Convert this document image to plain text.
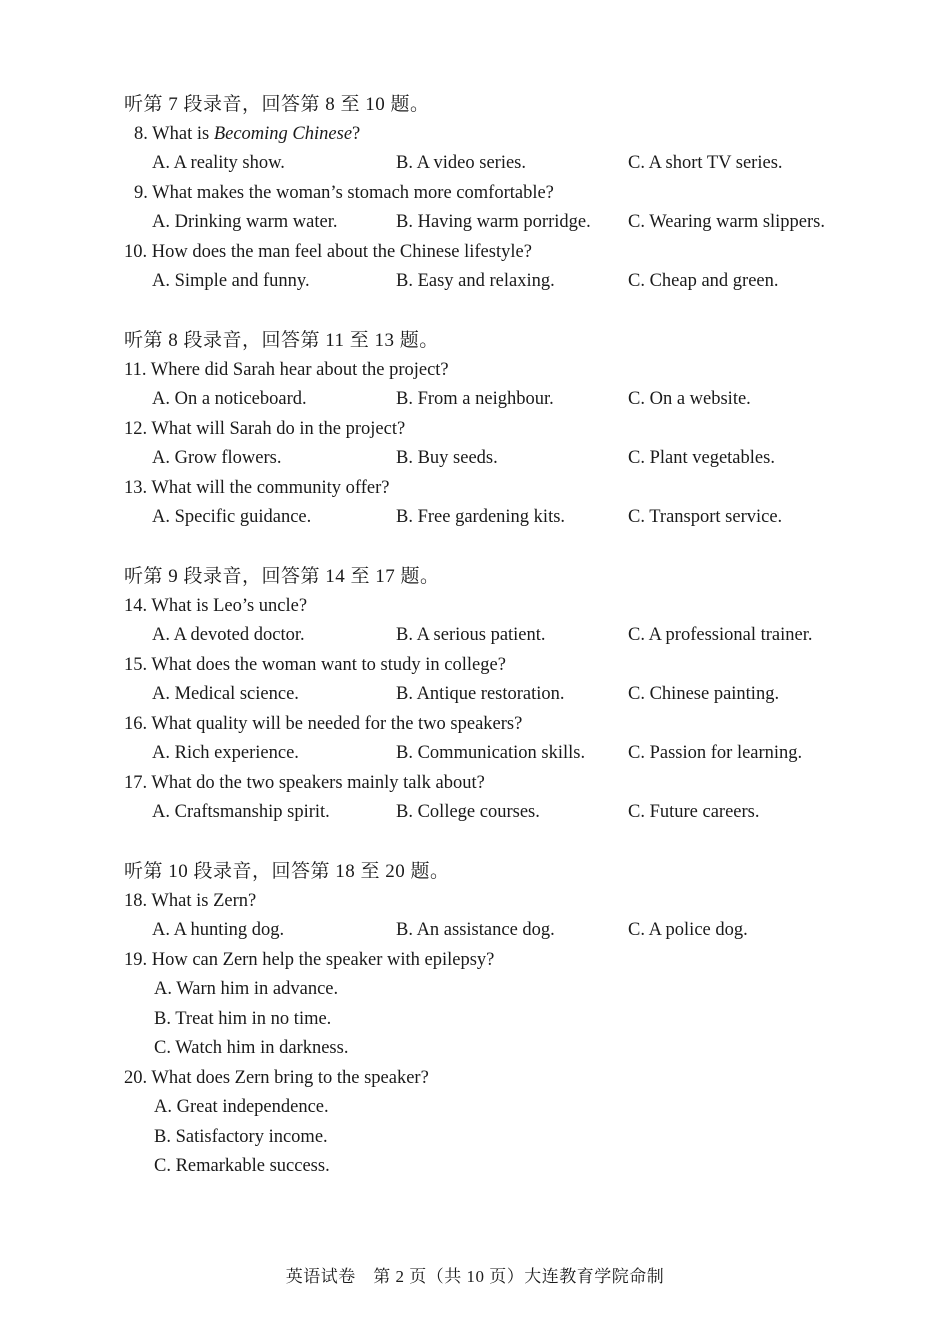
听第 7 段录音，回答第 8 至 10 题。
8. What is Becoming Chinese?
A. A reality show.	B. A video series.	C. A short TV series.
9. What makes the woman’s stomach more comfortable?
A. Drinking warm water.	B. Having warm porridge. C. Wearing warm slippers.
10. How does the man feel about the Chinese lifestyle?
A. Simple and funny.	B. Easy and relaxing.	C. Cheap and green.
听第 8 段录音，回答第 11 至 13 题。
11. Where did Sarah hear about the project?
A. On a noticeboard.	B. From a neighbour.	C. On a website.
12. What will Sarah do in the project?
A. Grow flowers.	B. Buy seeds.	C. Plant vegetables.
13. What will the community offer?
A. Specific guidance.	B. Free gardening kits.	C. Transport service.
听第 9 段录音，回答第 14 至 17 题。
14. What is Leo’s uncle?
A. A devoted doctor.	B. A serious patient.	C. A professional trainer.
15. What does the woman want to study in college?
A. Medical science.	B. Antique restoration.	C. Chinese painting.
16. What quality will be needed for the two speakers?
A. Rich experience.	B. Communication skills. C. Passion for learning.
17. What do the two speakers mainly talk about?
A. Craftsmanship spirit.	B. College courses.	C. Future careers.
听第 10 段录音，回答第 18 至 20 题。
18. What is Zern?
A. A hunting dog.	B. An assistance dog.	C. A police dog.
19. How can Zern help the speaker with epilepsy?
A. Warn him in advance.
B. Treat him in no time.
C. Watch him in darkness.
20. What does Zern bring to the speaker?
A. Great independence.
B. Satisfactory income.
C. Remarkable success.
英语试卷　第 2 页（共 10 页）大连教育学院命制
